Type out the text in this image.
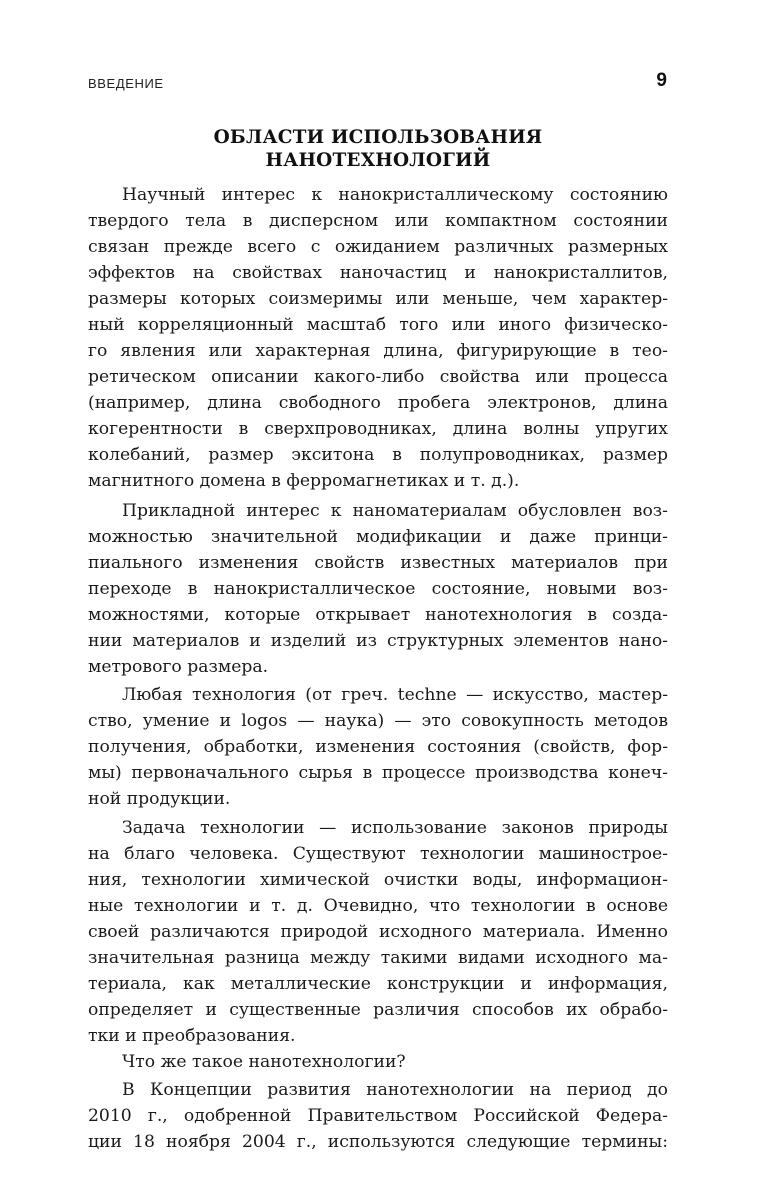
ВВЕДЕНИЕ	9
ОБЛАСТИ ИСПОЛЬЗОВАНИЯ
НАНОТЕХНОЛОГИЙ
Научный интерес к нанокристаллическому состоянию
твердого тела в дисперсном или компактном состоянии
связан прежде всего с ожиданием различных размерных
эффектов на свойствах наночастиц и нанокристаллитов,
размеры которых соизмеримы или меньше, чем характер-
ный корреляционный масштаб того или иного физическо-
го явления или характерная длина, фигурирующие в тео-
ретическом описании какого-либо свойства или процесса
(например, длина свободного пробега электронов, длина
когерентности в сверхпроводниках, длина волны упругих
колебаний, размер экситона в полупроводниках, размер
магнитного домена в ферромагнетиках и т. д.).
Прикладной интерес к наноматериалам обусловлен воз-
можностью значительной модификации и даже принци-
пиального изменения свойств известных материалов при
переходе в нанокристаллическое состояние, новыми воз-
можностями, которые открывает нанотехнология в созда-
нии материалов и изделий из структурных элементов нано-
метрового размера.
Любая технология (от греч. techne — искусство, мастер-
ство, умение и logos — наука) — это совокупность методов
получения, обработки, изменения состояния (свойств, фор-
мы) первоначального сырья в процессе производства конеч-
ной продукции.
Задача технологии — использование законов природы
на благо человека. Существуют технологии машинострое-
ния, технологии химической очистки воды, информацион-
ные технологии и т. д. Очевидно, что технологии в основе
своей различаются природой исходного материала. Именно
значительная разница между такими видами исходного ма-
териала, как металлические конструкции и информация,
определяет и существенные различия способов их обрабо-
тки и преобразования.
Что же такое нанотехнологии?
В Концепции развития нанотехнологии на период до
2010 г., одобренной Правительством Российской Федера-
ции 18 ноября 2004 г., используются следующие термины:
